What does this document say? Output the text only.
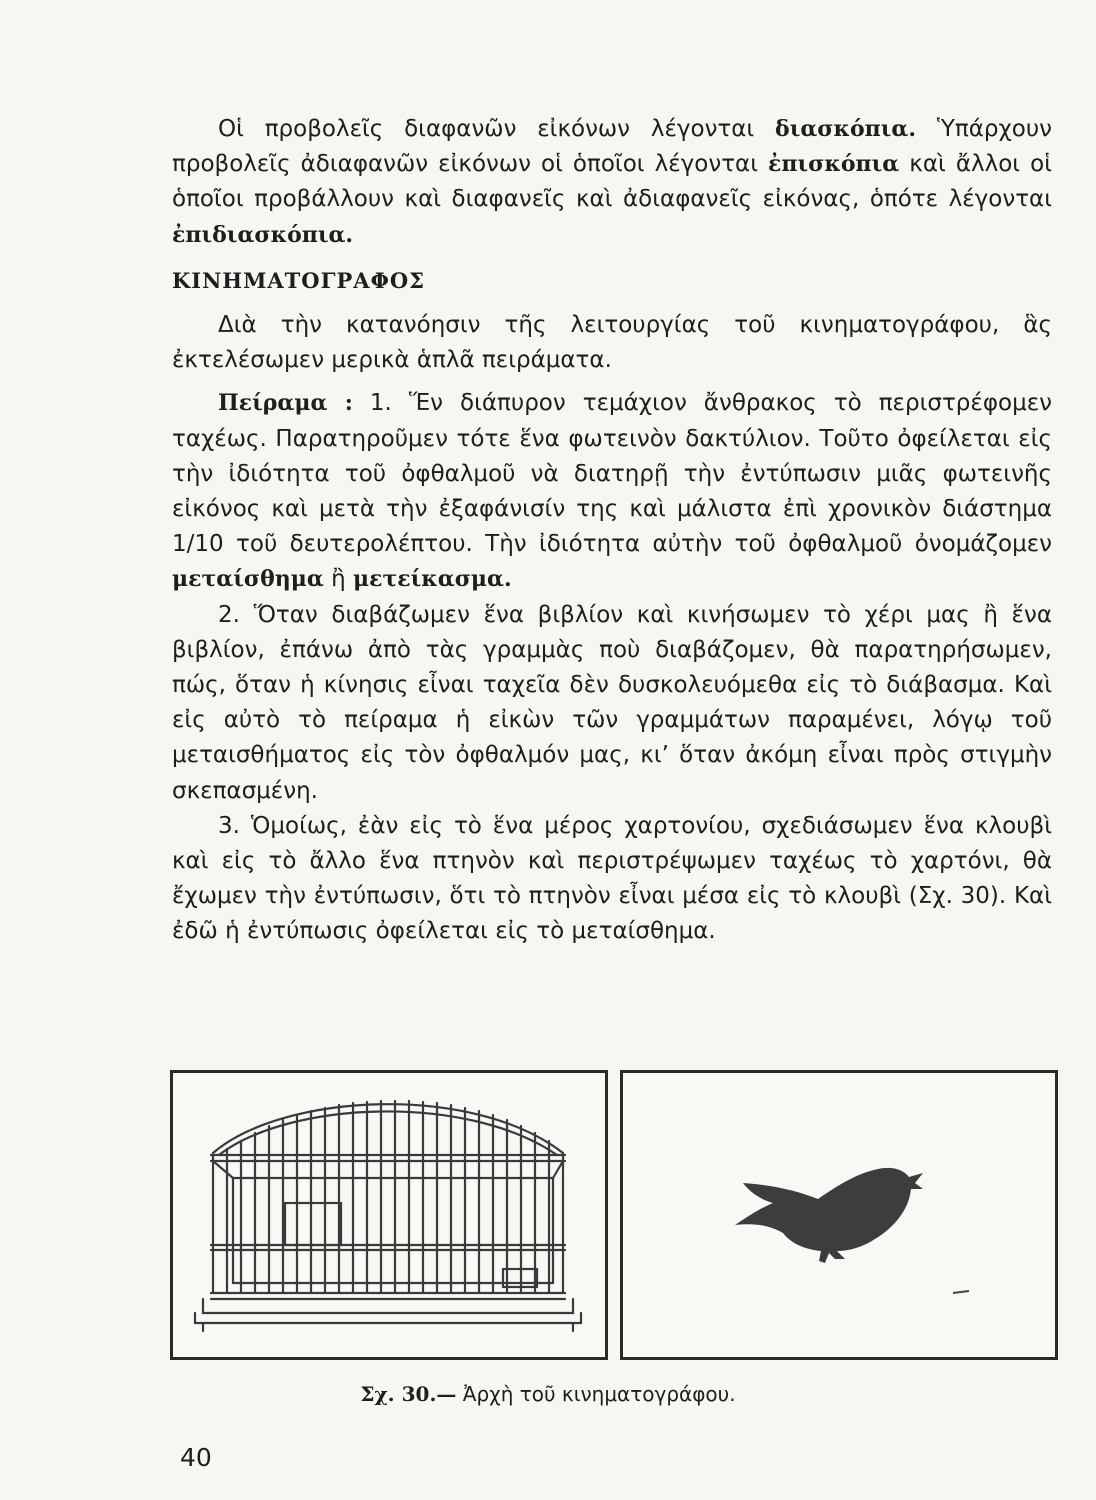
Οἱ προβολεῖς διαφανῶν εἰκόνων λέγονται διασκόπια. Ὑπάρχουν προβολεῖς ἀδιαφανῶν εἰκόνων οἱ ὁποῖοι λέγονται ἐπισκόπια καὶ ἄλλοι οἱ ὁποῖοι προβάλλουν καὶ διαφανεῖς καὶ ἀδιαφανεῖς εἰκόνας, ὁπότε λέγονται ἐπιδιασκόπια.

ΚΙΝΗΜΑΤΟΓΡΑΦΟΣ

Διὰ τὴν κατανόησιν τῆς λειτουργίας τοῦ κινηματογράφου, ἃς ἐκτελέσωμεν μερικὰ ἁπλᾶ πειράματα.

Πείραμα : 1. Ἕν διάπυρον τεμάχιον ἄνθρακος τὸ περιστρέφομεν ταχέως. Παρατηροῦμεν τότε ἕνα φωτεινὸν δακτύλιον. Τοῦτο ὀφείλεται εἰς τὴν ἰδιότητα τοῦ ὀφθαλμοῦ νὰ διατηρῇ τὴν ἐντύπωσιν μιᾶς φωτεινῆς εἰκόνος καὶ μετὰ τὴν ἐξαφάνισίν της καὶ μάλιστα ἐπὶ χρονικὸν διάστημα 1/10 τοῦ δευτερολέπτου. Τὴν ἰδιότητα αὐτὴν τοῦ ὀφθαλμοῦ ὀνομάζομεν μεταίσθημα ἢ μετείκασμα.

2. Ὅταν διαβάζωμεν ἕνα βιβλίον καὶ κινήσωμεν τὸ χέρι μας ἢ ἕνα βιβλίον, ἐπάνω ἀπὸ τὰς γραμμὰς ποὺ διαβάζομεν, θὰ παρατηρήσωμεν, πώς, ὅταν ἡ κίνησις εἶναι ταχεῖα δὲν δυσκολευόμεθα εἰς τὸ διάβασμα. Καὶ εἰς αὐτὸ τὸ πείραμα ἡ εἰκὼν τῶν γραμμάτων παραμένει, λόγῳ τοῦ μεταισθήματος εἰς τὸν ὀφθαλμόν μας, κι’ ὅταν ἀκόμη εἶναι πρὸς στιγμὴν σκεπασμένη.

3. Ὁμοίως, ἐὰν εἰς τὸ ἕνα μέρος χαρτονίου, σχεδιάσωμεν ἕνα κλουβὶ καὶ εἰς τὸ ἄλλο ἕνα πτηνὸν καὶ περιστρέψωμεν ταχέως τὸ χαρτόνι, θὰ ἔχωμεν τὴν ἐντύπωσιν, ὅτι τὸ πτηνὸν εἶναι μέσα εἰς τὸ κλουβὶ (Σχ. 30). Καὶ ἐδῶ ἡ ἐντύπωσις ὀφείλεται εἰς τὸ μεταίσθημα.

Σχ. 30.— Ἀρχὴ τοῦ κινηματογράφου.
40
